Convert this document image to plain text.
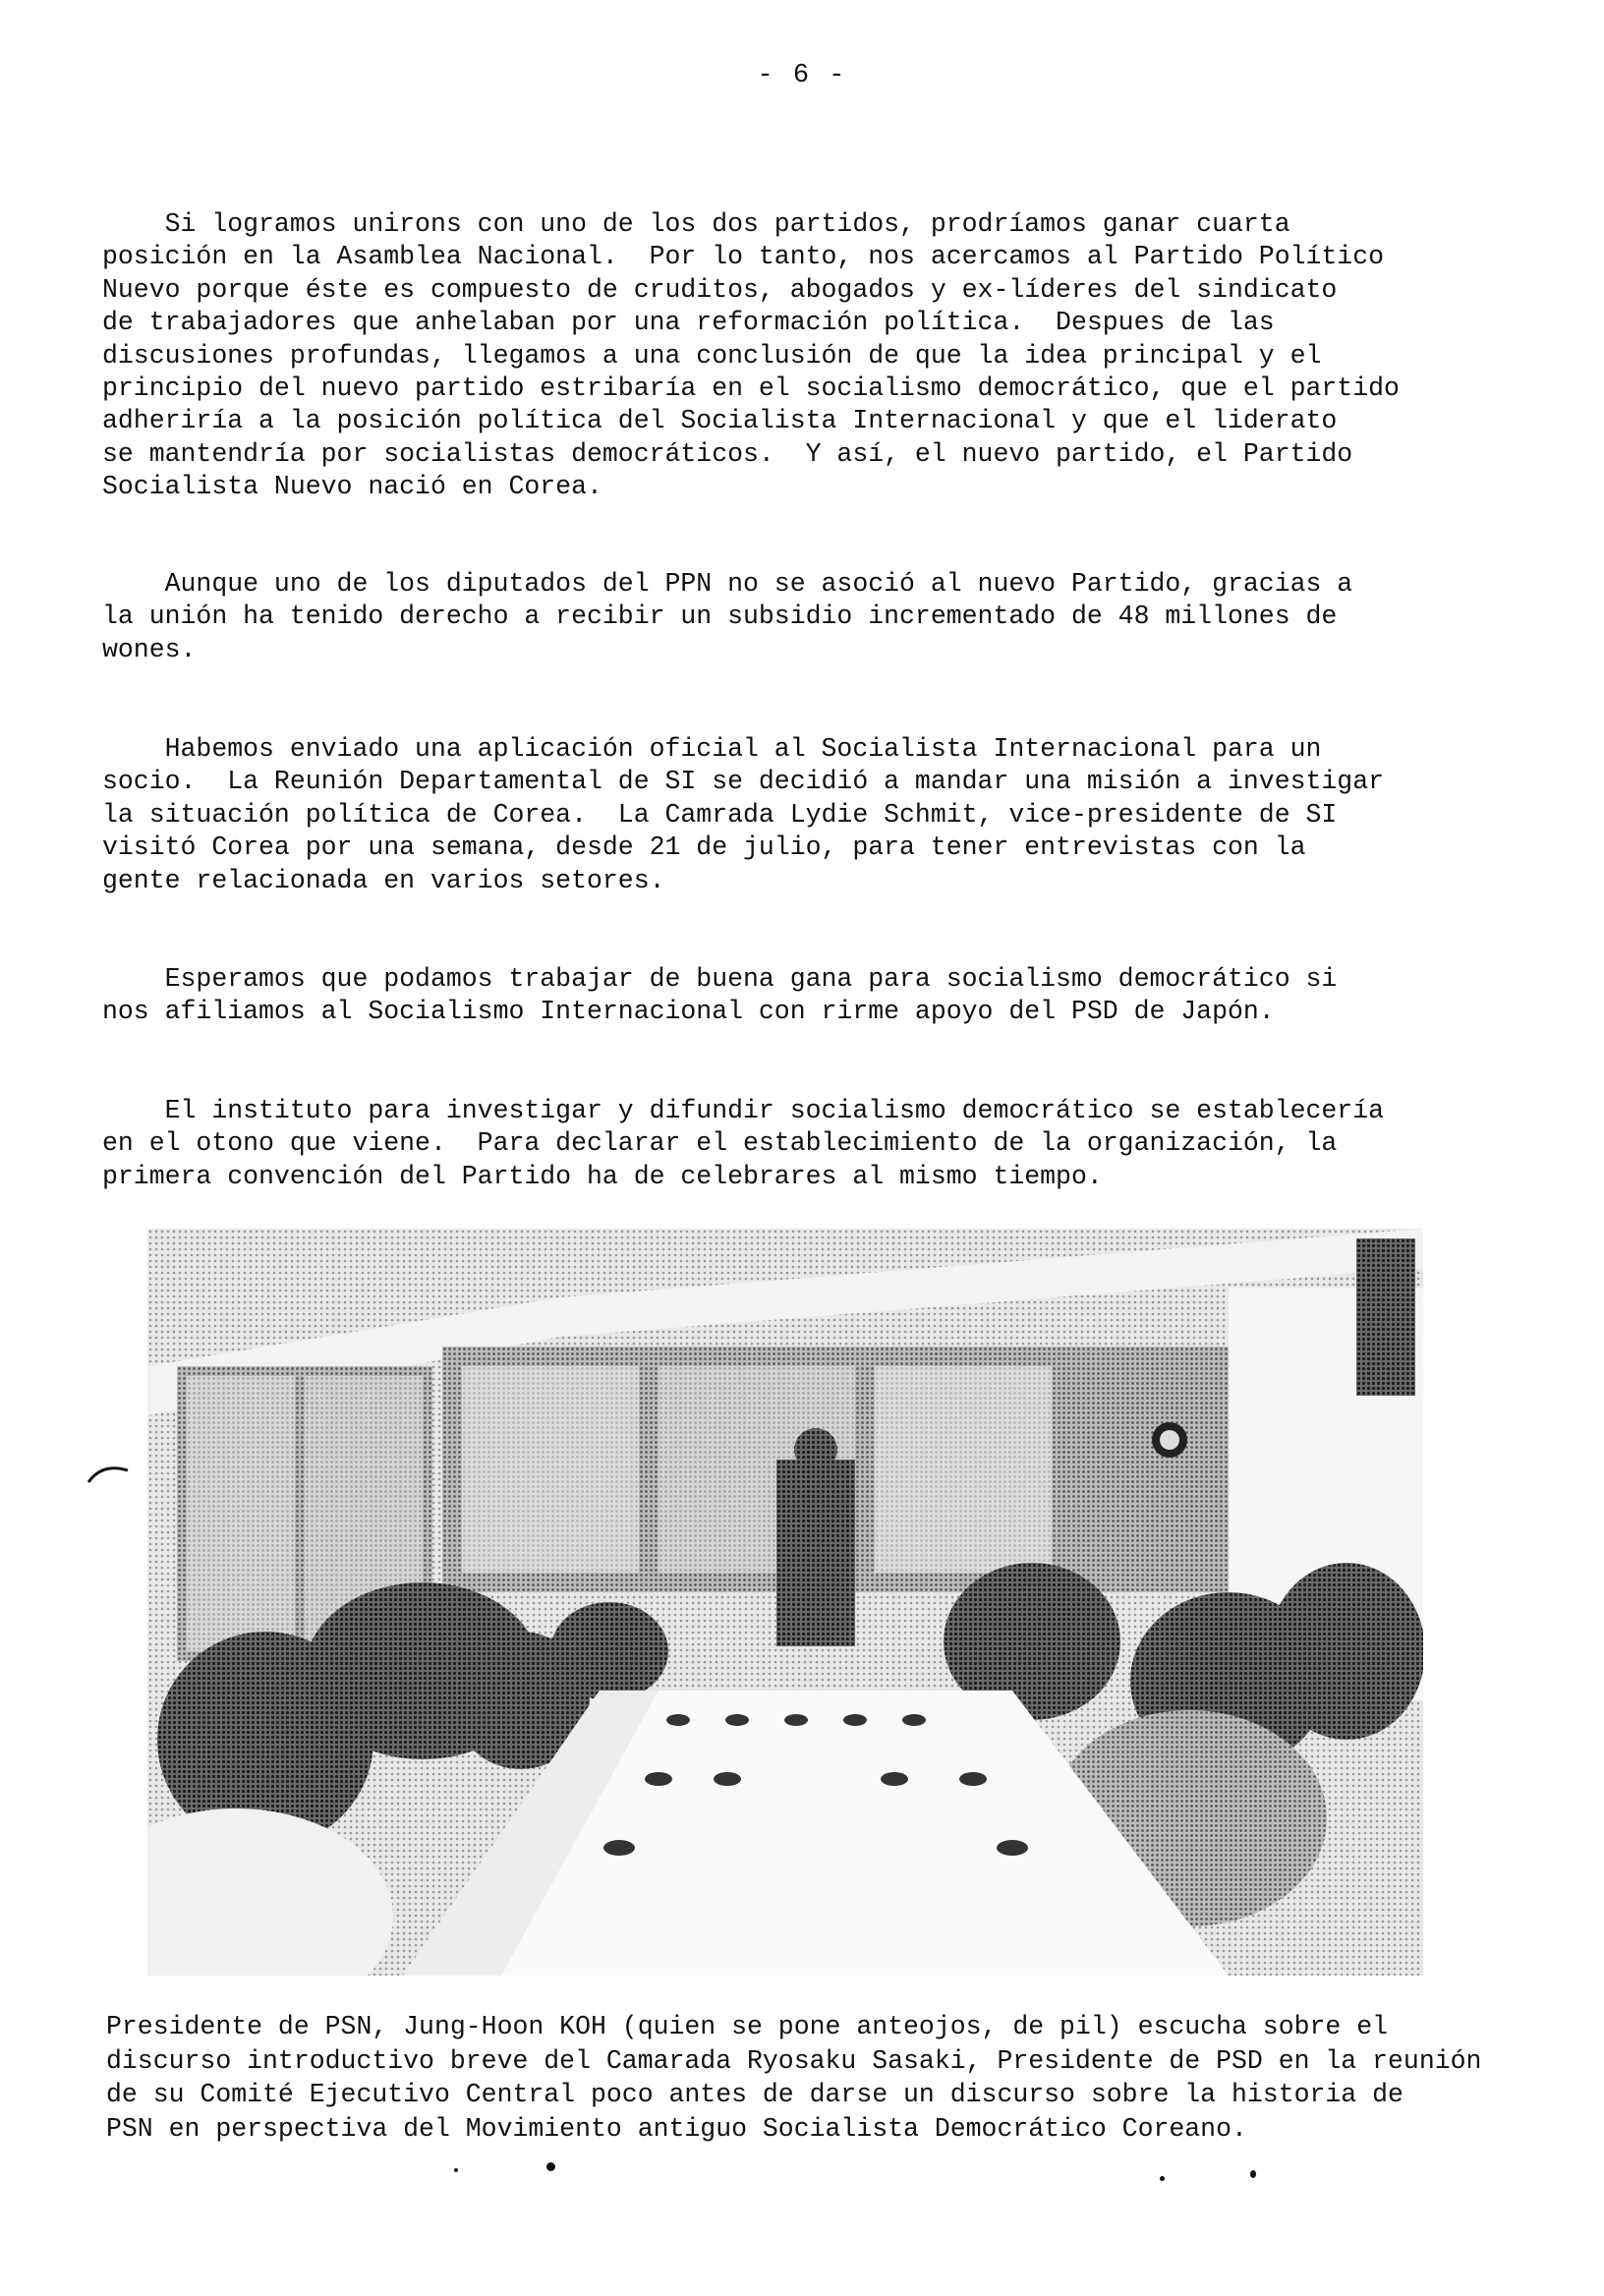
- 6 -
Si logramos unirons con uno de los dos partidos, prodríamos ganar cuarta
posición en la Asamblea Nacional.  Por lo tanto, nos acercamos al Partido Político
Nuevo porque éste es compuesto de cruditos, abogados y ex-líderes del sindicato
de trabajadores que anhelaban por una reformación política.  Despues de las
discusiones profundas, llegamos a una conclusión de que la idea principal y el
principio del nuevo partido estribaría en el socialismo democrático, que el partido
adheriría a la posición política del Socialista Internacional y que el liderato
se mantendría por socialistas democráticos.  Y así, el nuevo partido, el Partido
Socialista Nuevo nació en Corea.
Aunque uno de los diputados del PPN no se asoció al nuevo Partido, gracias a
la unión ha tenido derecho a recibir un subsidio incrementado de 48 millones de
wones.
Habemos enviado una aplicación oficial al Socialista Internacional para un
socio.  La Reunión Departamental de SI se decidió a mandar una misión a investigar
la situación política de Corea.  La Camrada Lydie Schmit, vice-presidente de SI
visitó Corea por una semana, desde 21 de julio, para tener entrevistas con la
gente relacionada en varios setores.
Esperamos que podamos trabajar de buena gana para socialismo democrático si
nos afiliamos al Socialismo Internacional con rirme apoyo del PSD de Japón.
El instituto para investigar y difundir socialismo democrático se establecería
en el otono que viene.  Para declarar el establecimiento de la organización, la
primera convención del Partido ha de celebrares al mismo tiempo.
Presidente de PSN, Jung-Hoon KOH (quien se pone anteojos, de pil) escucha sobre el
discurso introductivo breve del Camarada Ryosaku Sasaki, Presidente de PSD en la reunión
de su Comité Ejecutivo Central poco antes de darse un discurso sobre la historia de
PSN en perspectiva del Movimiento antiguo Socialista Democrático Coreano.
